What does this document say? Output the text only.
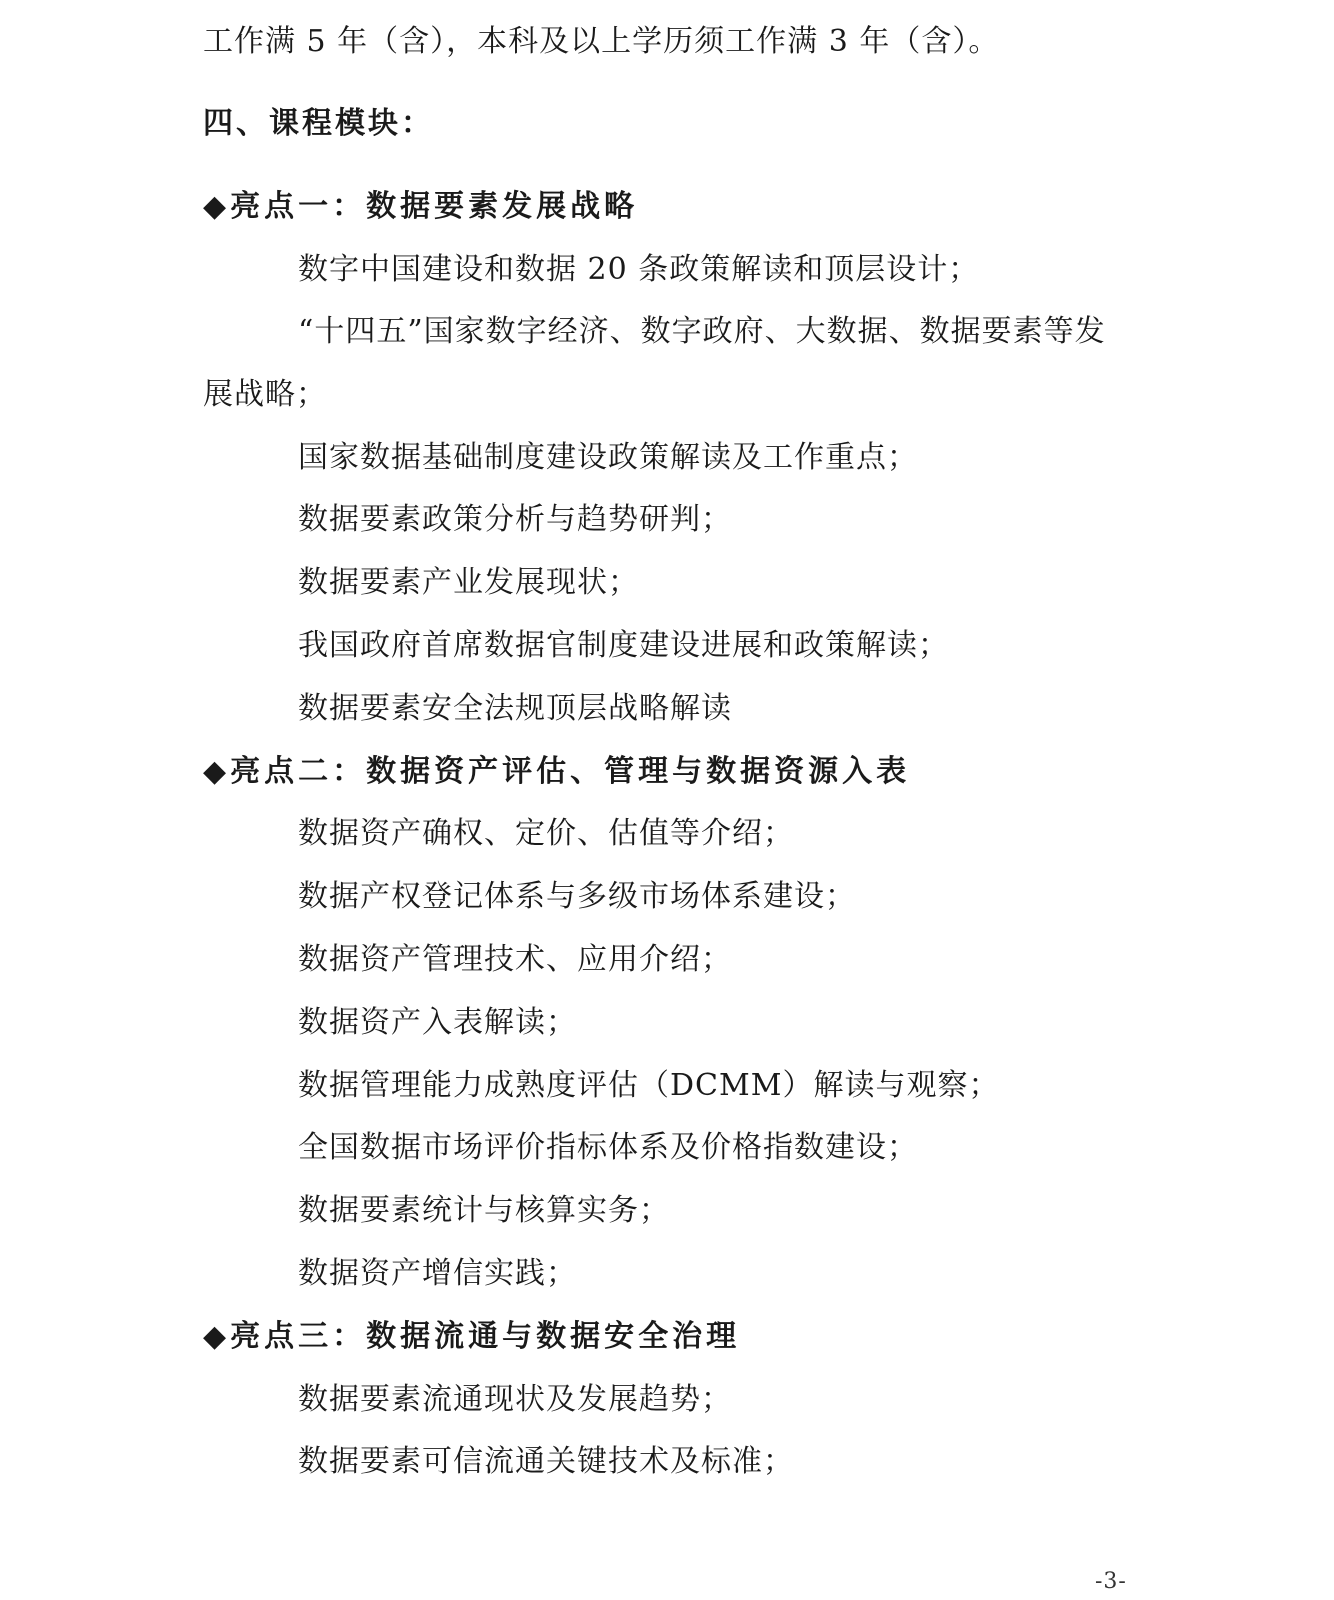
工作满 5 年（含），本科及以上学历须工作满 3 年（含）。
四、课程模块：
◆亮点一：数据要素发展战略
数字中国建设和数据 20 条政策解读和顶层设计；
“十四五”国家数字经济、数字政府、大数据、数据要素等发
展战略；
国家数据基础制度建设政策解读及工作重点；
数据要素政策分析与趋势研判；
数据要素产业发展现状；
我国政府首席数据官制度建设进展和政策解读；
数据要素安全法规顶层战略解读
◆亮点二：数据资产评估、管理与数据资源入表
数据资产确权、定价、估值等介绍；
数据产权登记体系与多级市场体系建设；
数据资产管理技术、应用介绍；
数据资产入表解读；
数据管理能力成熟度评估（DCMM）解读与观察；
全国数据市场评价指标体系及价格指数建设；
数据要素统计与核算实务；
数据资产增信实践；
◆亮点三：数据流通与数据安全治理
数据要素流通现状及发展趋势；
数据要素可信流通关键技术及标准；
-3-
